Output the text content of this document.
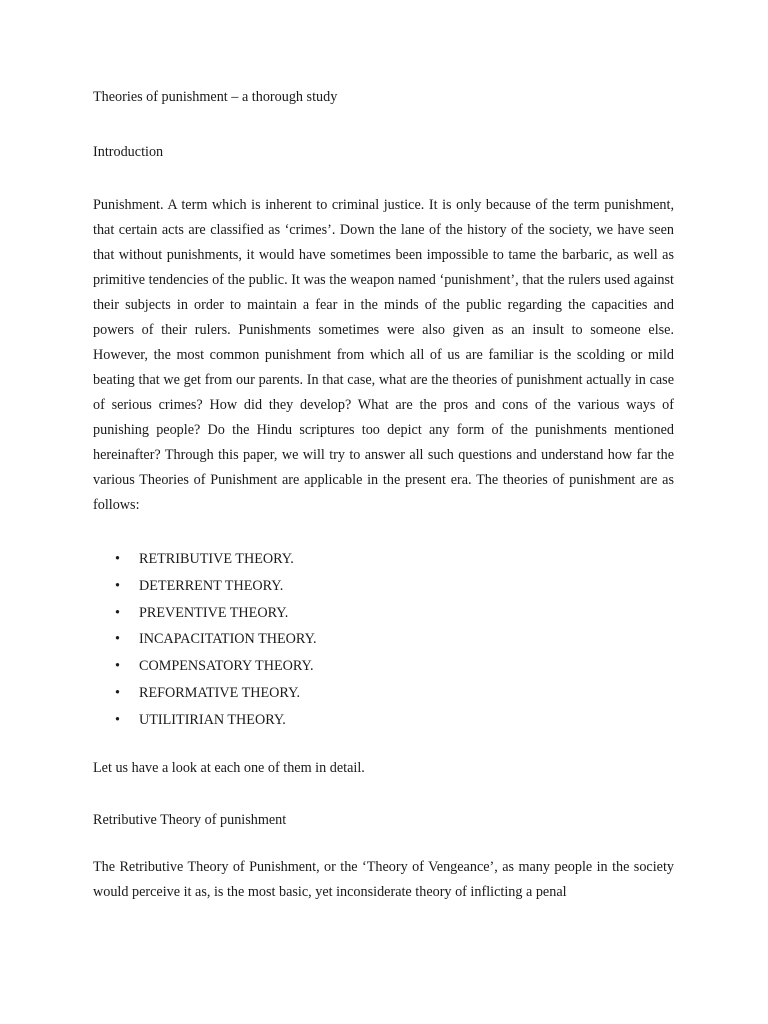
Theories of punishment – a thorough study

Introduction

Punishment. A term which is inherent to criminal justice. It is only because of the term punishment, that certain acts are classified as ‘crimes’. Down the lane of the history of the society, we have seen that without punishments, it would have sometimes been impossible to tame the barbaric, as well as primitive tendencies of the public. It was the weapon named ‘punishment’, that the rulers used against their subjects in order to maintain a fear in the minds of the public regarding the capacities and powers of their rulers. Punishments sometimes were also given as an insult to someone else. However, the most common punishment from which all of us are familiar is the scolding or mild beating that we get from our parents. In that case, what are the theories of punishment actually in case of serious crimes? How did they develop? What are the pros and cons of the various ways of punishing people? Do the Hindu scriptures too depict any form of the punishments mentioned hereinafter? Through this paper, we will try to answer all such questions and understand how far the various Theories of Punishment are applicable in the present era. The theories of punishment are as follows:

• RETRIBUTIVE THEORY.
• DETERRENT THEORY.
• PREVENTIVE THEORY.
• INCAPACITATION THEORY.
• COMPENSATORY THEORY.
• REFORMATIVE THEORY.
• UTILITIRIAN THEORY.

Let us have a look at each one of them in detail.

Retributive Theory of punishment

The Retributive Theory of Punishment, or the ‘Theory of Vengeance’, as many people in the society would perceive it as, is the most basic, yet inconsiderate theory of inflicting a penal
